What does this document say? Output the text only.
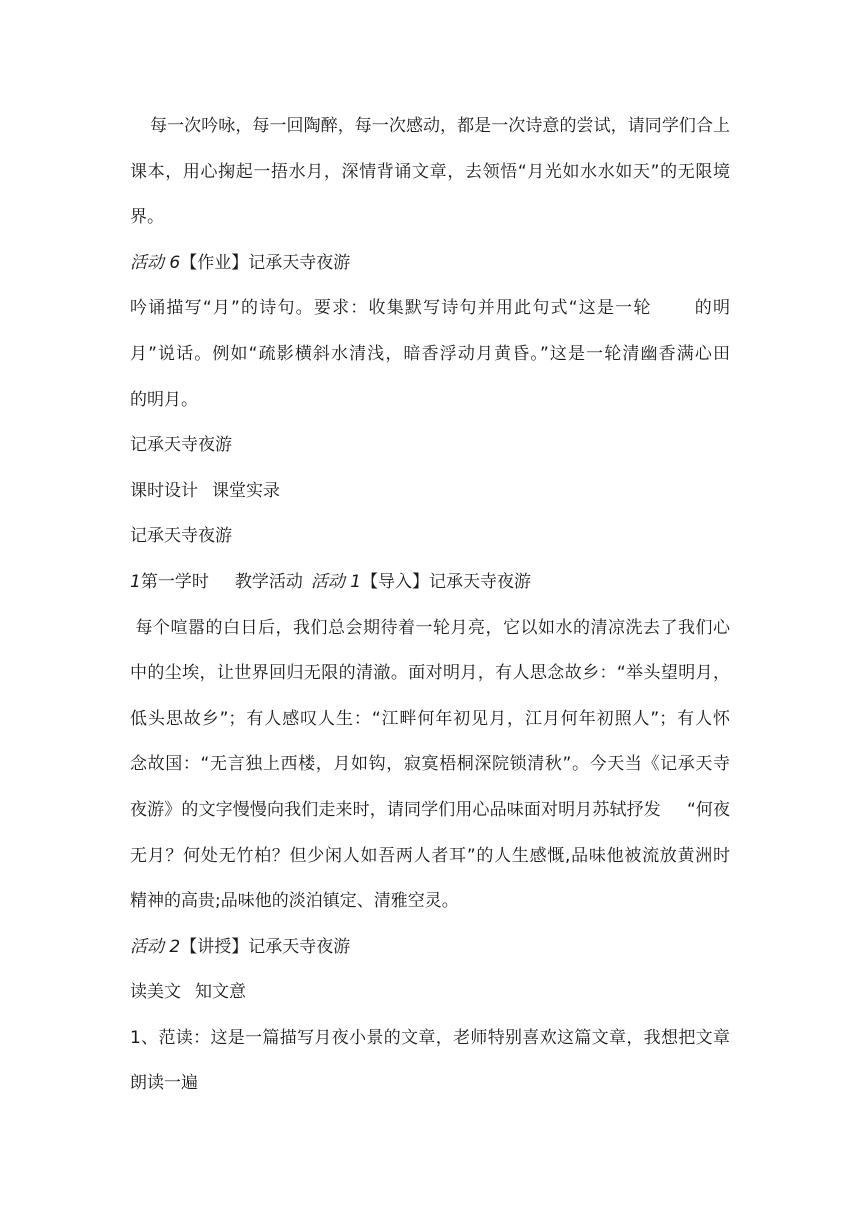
每一次吟咏，每一回陶醉，每一次感动，都是一次诗意的尝试，请同学们合上
课本，用心掬起一捂水月，深情背诵文章，去领悟“月光如水水如天”的无限境
界。
活动 6【作业】记承天寺夜游
吟诵描写“月”的诗句。要求：收集默写诗句并用此句式“这是一轮 的明
月”说话。例如“疏影横斜水清浅，暗香浮动月黄昏。”这是一轮清幽香满心田
的明月。
记承天寺夜游
课时设计 课堂实录
记承天寺夜游
1第一学时 教学活动 活动 1【导入】记承天寺夜游
每个喧嚣的白日后，我们总会期待着一轮月亮，它以如水的清凉洗去了我们心
中的尘埃，让世界回归无限的清澈。面对明月，有人思念故乡：“举头望明月，
低头思故乡”；有人感叹人生：“江畔何年初见月，江月何年初照人”；有人怀
念故国：“无言独上西楼，月如钩，寂寞梧桐深院锁清秋”。今天当《记承天寺
夜游》的文字慢慢向我们走来时，请同学们用心品味面对明月苏轼抒发 “何夜
无月？何处无竹柏？但少闲人如吾两人者耳”的人生感慨,品味他被流放黄洲时
精神的高贵;品味他的淡泊镇定、清雅空灵。
活动 2【讲授】记承天寺夜游
读美文 知文意
1、范读：这是一篇描写月夜小景的文章，老师特别喜欢这篇文章，我想把文章
朗读一遍
